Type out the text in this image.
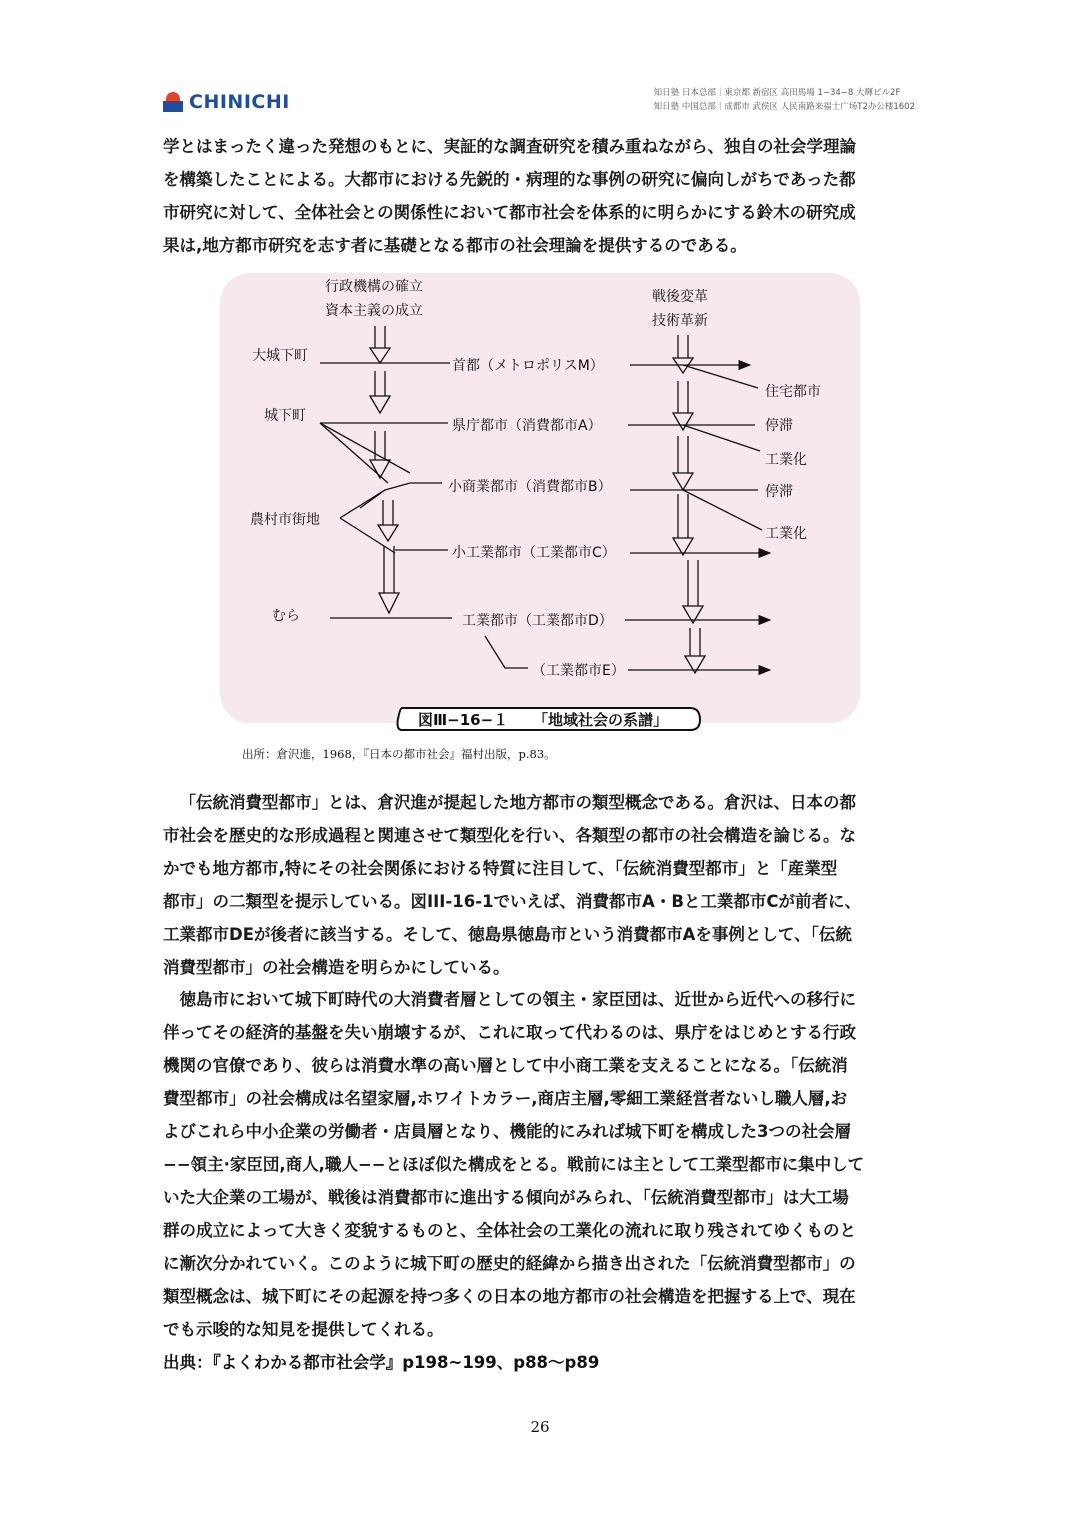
CHINICHI	知日塾 日本总部｜東京都 新宿区 高田馬場 1−34−8 大輝ビル2F
知日塾 中国总部｜成都市 武侯区 人民南路来福士广场T2办公楼1602

学とはまったく違った発想のもとに、実証的な調査研究を積み重ねながら、独自の社会学理論

を構築したことによる。大都市における先鋭的・病理的な事例の研究に偏向しがちであった都

市研究に対して、全体社会との関係性において都市社会を体系的に明らかにする鈴木の研究成

果は,地方都市研究を志す者に基礎となる都市の社会理論を提供するのである。

行政機構の確立
資本主義の成立
戦後変革
技術革新
大城下町
城下町
農村市街地
むら
首都（メトロポリスM）
県庁都市（消費都市A）
小商業都市（消費都市B）
小工業都市（工業都市C）
工業都市（工業都市D）
（工業都市E）
住宅都市
停滞
工業化
停滞
工業化
図Ⅲ−16−１ 「地域社会の系譜」
出所：倉沢進，1968，『日本の都市社会』福村出版，p.83。

「伝統消費型都市」とは、倉沢進が提起した地方都市の類型概念である。倉沢は、日本の都

市社会を歴史的な形成過程と関連させて類型化を行い、各類型の都市の社会構造を論じる。な

かでも地方都市,特にその社会関係における特質に注目して、「伝統消費型都市」と「産業型

都市」の二類型を提示している。図III-16-1でいえば、消費都市A・Bと工業都市Cが前者に、

工業都市DEが後者に該当する。そして、徳島県徳島市という消費都市Aを事例として、「伝統

消費型都市」の社会構造を明らかにしている。

徳島市において城下町時代の大消費者層としての領主・家臣団は、近世から近代への移行に

伴ってその経済的基盤を失い崩壊するが、これに取って代わるのは、県庁をはじめとする行政

機関の官僚であり、彼らは消費水準の高い層として中小商工業を支えることになる。「伝統消

費型都市」の社会構成は名望家層,ホワイトカラー,商店主層,零細工業経営者ないし職人層,お

よびこれら中小企業の労働者・店員層となり、機能的にみれば城下町を構成した3つの社会層

−−領主·家臣団,商人,職人−−とほぼ似た構成をとる。戦前には主として工業型都市に集中して

いた大企業の工場が、戦後は消費都市に進出する傾向がみられ、「伝統消費型都市」は大工場

群の成立によって大きく変貌するものと、全体社会の工業化の流れに取り残されてゆくものと

に漸次分かれていく。このように城下町の歴史的経緯から描き出された「伝統消費型都市」の

類型概念は、城下町にその起源を持つ多くの日本の地方都市の社会構造を把握する上で、現在

でも示唆的な知見を提供してくれる。

出典：『よくわかる都市社会学』p198~199、p88～p89
26
